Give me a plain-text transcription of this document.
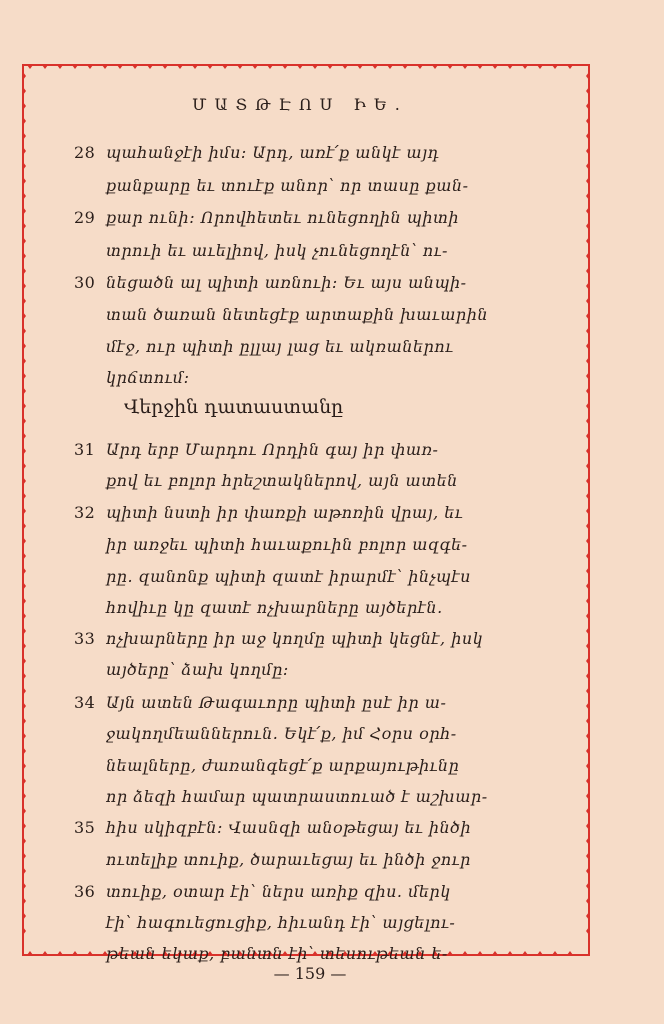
ՄԱՏԹԷՈՍ ԻԵ.
28 պահանջէի իմս։ Արդ, առէ՛ք անկէ այդ
քանքարը եւ տուէք անոր՝ որ տասը քան-
29 քար ունի։ Որովհետեւ ունեցողին պիտի
տրուի եւ աւելիով, իսկ չունեցողէն՝ ու-
30 նեցածն ալ պիտի առնուի։ Եւ այս անպի-
տան ծառան նետեցէք արտաքին խաւարին
մէջ, ուր պիտի ըլլայ լաց եւ ակռաներու
կրճտում։
31 Արդ երբ Մարդու Որդին գայ իր փառ-
քով եւ բոլոր հրեշտակներով, այն ատեն
32 պիտի նստի իր փառքի աթոռին վրայ, եւ
իր առջեւ պիտի հաւաքուին բոլոր ազգե-
րը. զանոնք պիտի զատէ իրարմէ՝ ինչպէս
հովիւը կը զատէ ոչխարները այծերէն.
33 ոչխարները իր աջ կողմը պիտի կեցնէ, իսկ
այծերը՝ ձախ կողմը։
34 Այն ատեն Թագաւորը պիտի ըսէ իր ա-
ջակողմեաններուն. Եկէ՛ք, իմ Հօրս օրհ-
նեալները, ժառանգեցէ՛ք արքայութիւնը
որ ձեզի համար պատրաստուած է աշխար-
35 հիս սկիզբէն։ Վասնզի անօթեցայ եւ ինծի
ուտելիք տուիք, ծարաւեցայ եւ ինծի ջուր
36 տուիք, օտար էի՝ ներս առիք զիս. մերկ
էի՝ հագուեցուցիք, հիւանդ էի՝ այցելու-
թեան եկաք, բանտն էի՝ տեսութեան ե-
Վերջին դատաստանը
— 159 —
